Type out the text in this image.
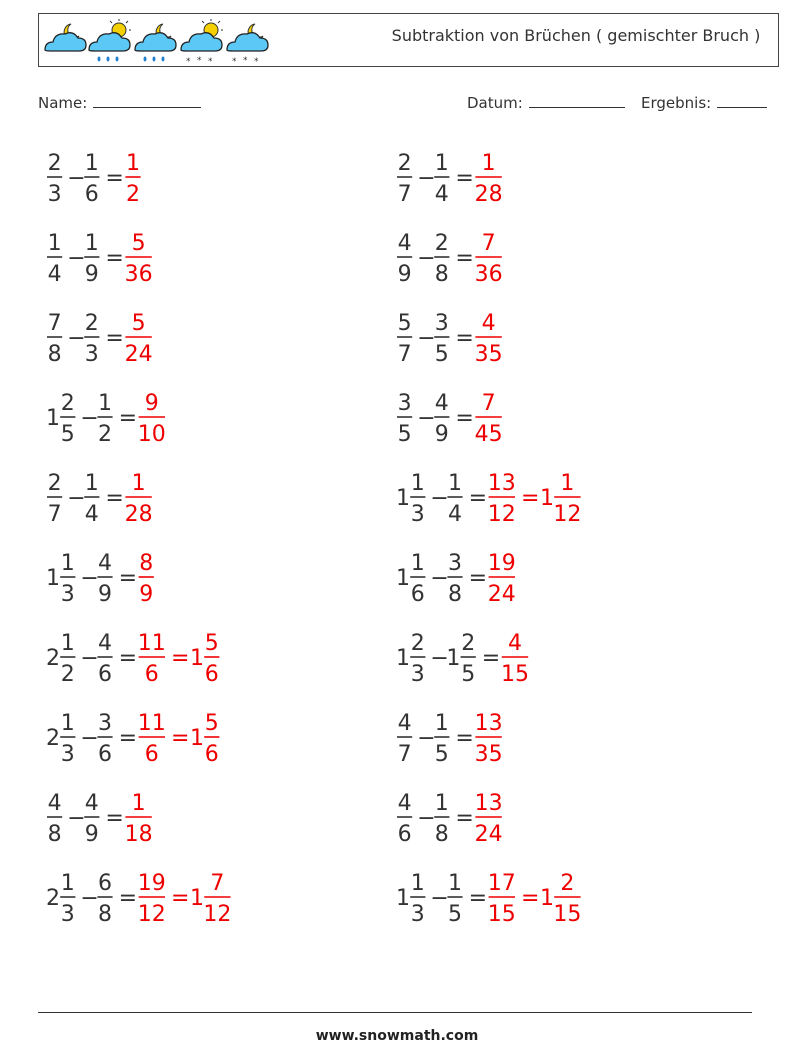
* * * * * *
Subtraktion von Brüchen ( gemischter Bruch )
Name:	Datum:	Ergebnis:
2
3
−
1
6
=
1
2
2
7
−
1
4
=
1
28
1
4
−
1
9
=
5
36
4
9
−
2
8
=
7
36
7
8
−
2
3
=
5
24
5
7
−
3
5
=
4
35
1
2
5
−
1
2
=
9
10
3
5
−
4
9
=
7
45
2
7
−
1
4
=
1
28
1
1
3
−
1
4
=
13
12
= 1
1
12
1
1
3
−
4
9
=
8
9
1
1
6
−
3
8
=
19
24
2
1
2
−
4
6
=
11
6
= 1
5
6
1
2
3
−
1
2
5
=
4
15
2
1
3
−
3
6
=
11
6
= 1
5
6
4
7
−
1
5
=
13
35
4
8
−
4
9
=
1
18
4
6
−
1
8
=
13
24
2
1
3
−
6
8
=
19
12
= 1
7
12
1
1
3
−
1
5
=
17
15
= 1
2
15
www.snowmath.com
